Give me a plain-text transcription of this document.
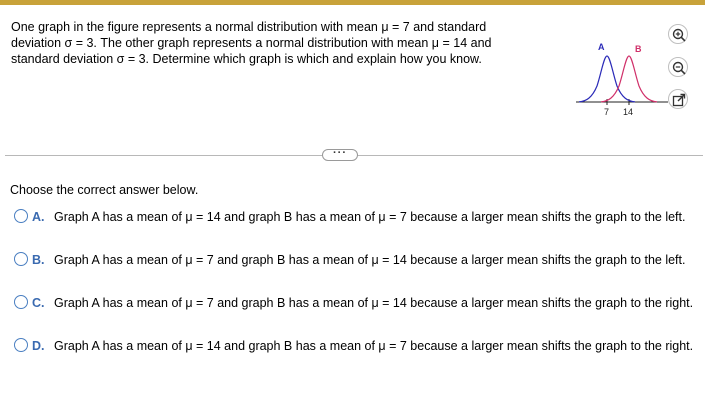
One graph in the figure represents a normal distribution with mean μ = 7 and standard deviation σ = 3. The other graph represents a normal distribution with mean μ = 14 and standard deviation σ = 3. Determine which graph is which and explain how you know.
A	B
7 14
···
Choose the correct answer below.
A. Graph A has a mean of μ = 14 and graph B has a mean of μ = 7 because a larger mean shifts the graph to the left.
B. Graph A has a mean of μ = 7 and graph B has a mean of μ = 14 because a larger mean shifts the graph to the left.
C. Graph A has a mean of μ = 7 and graph B has a mean of μ = 14 because a larger mean shifts the graph to the right.
D. Graph A has a mean of μ = 14 and graph B has a mean of μ = 7 because a larger mean shifts the graph to the right.
